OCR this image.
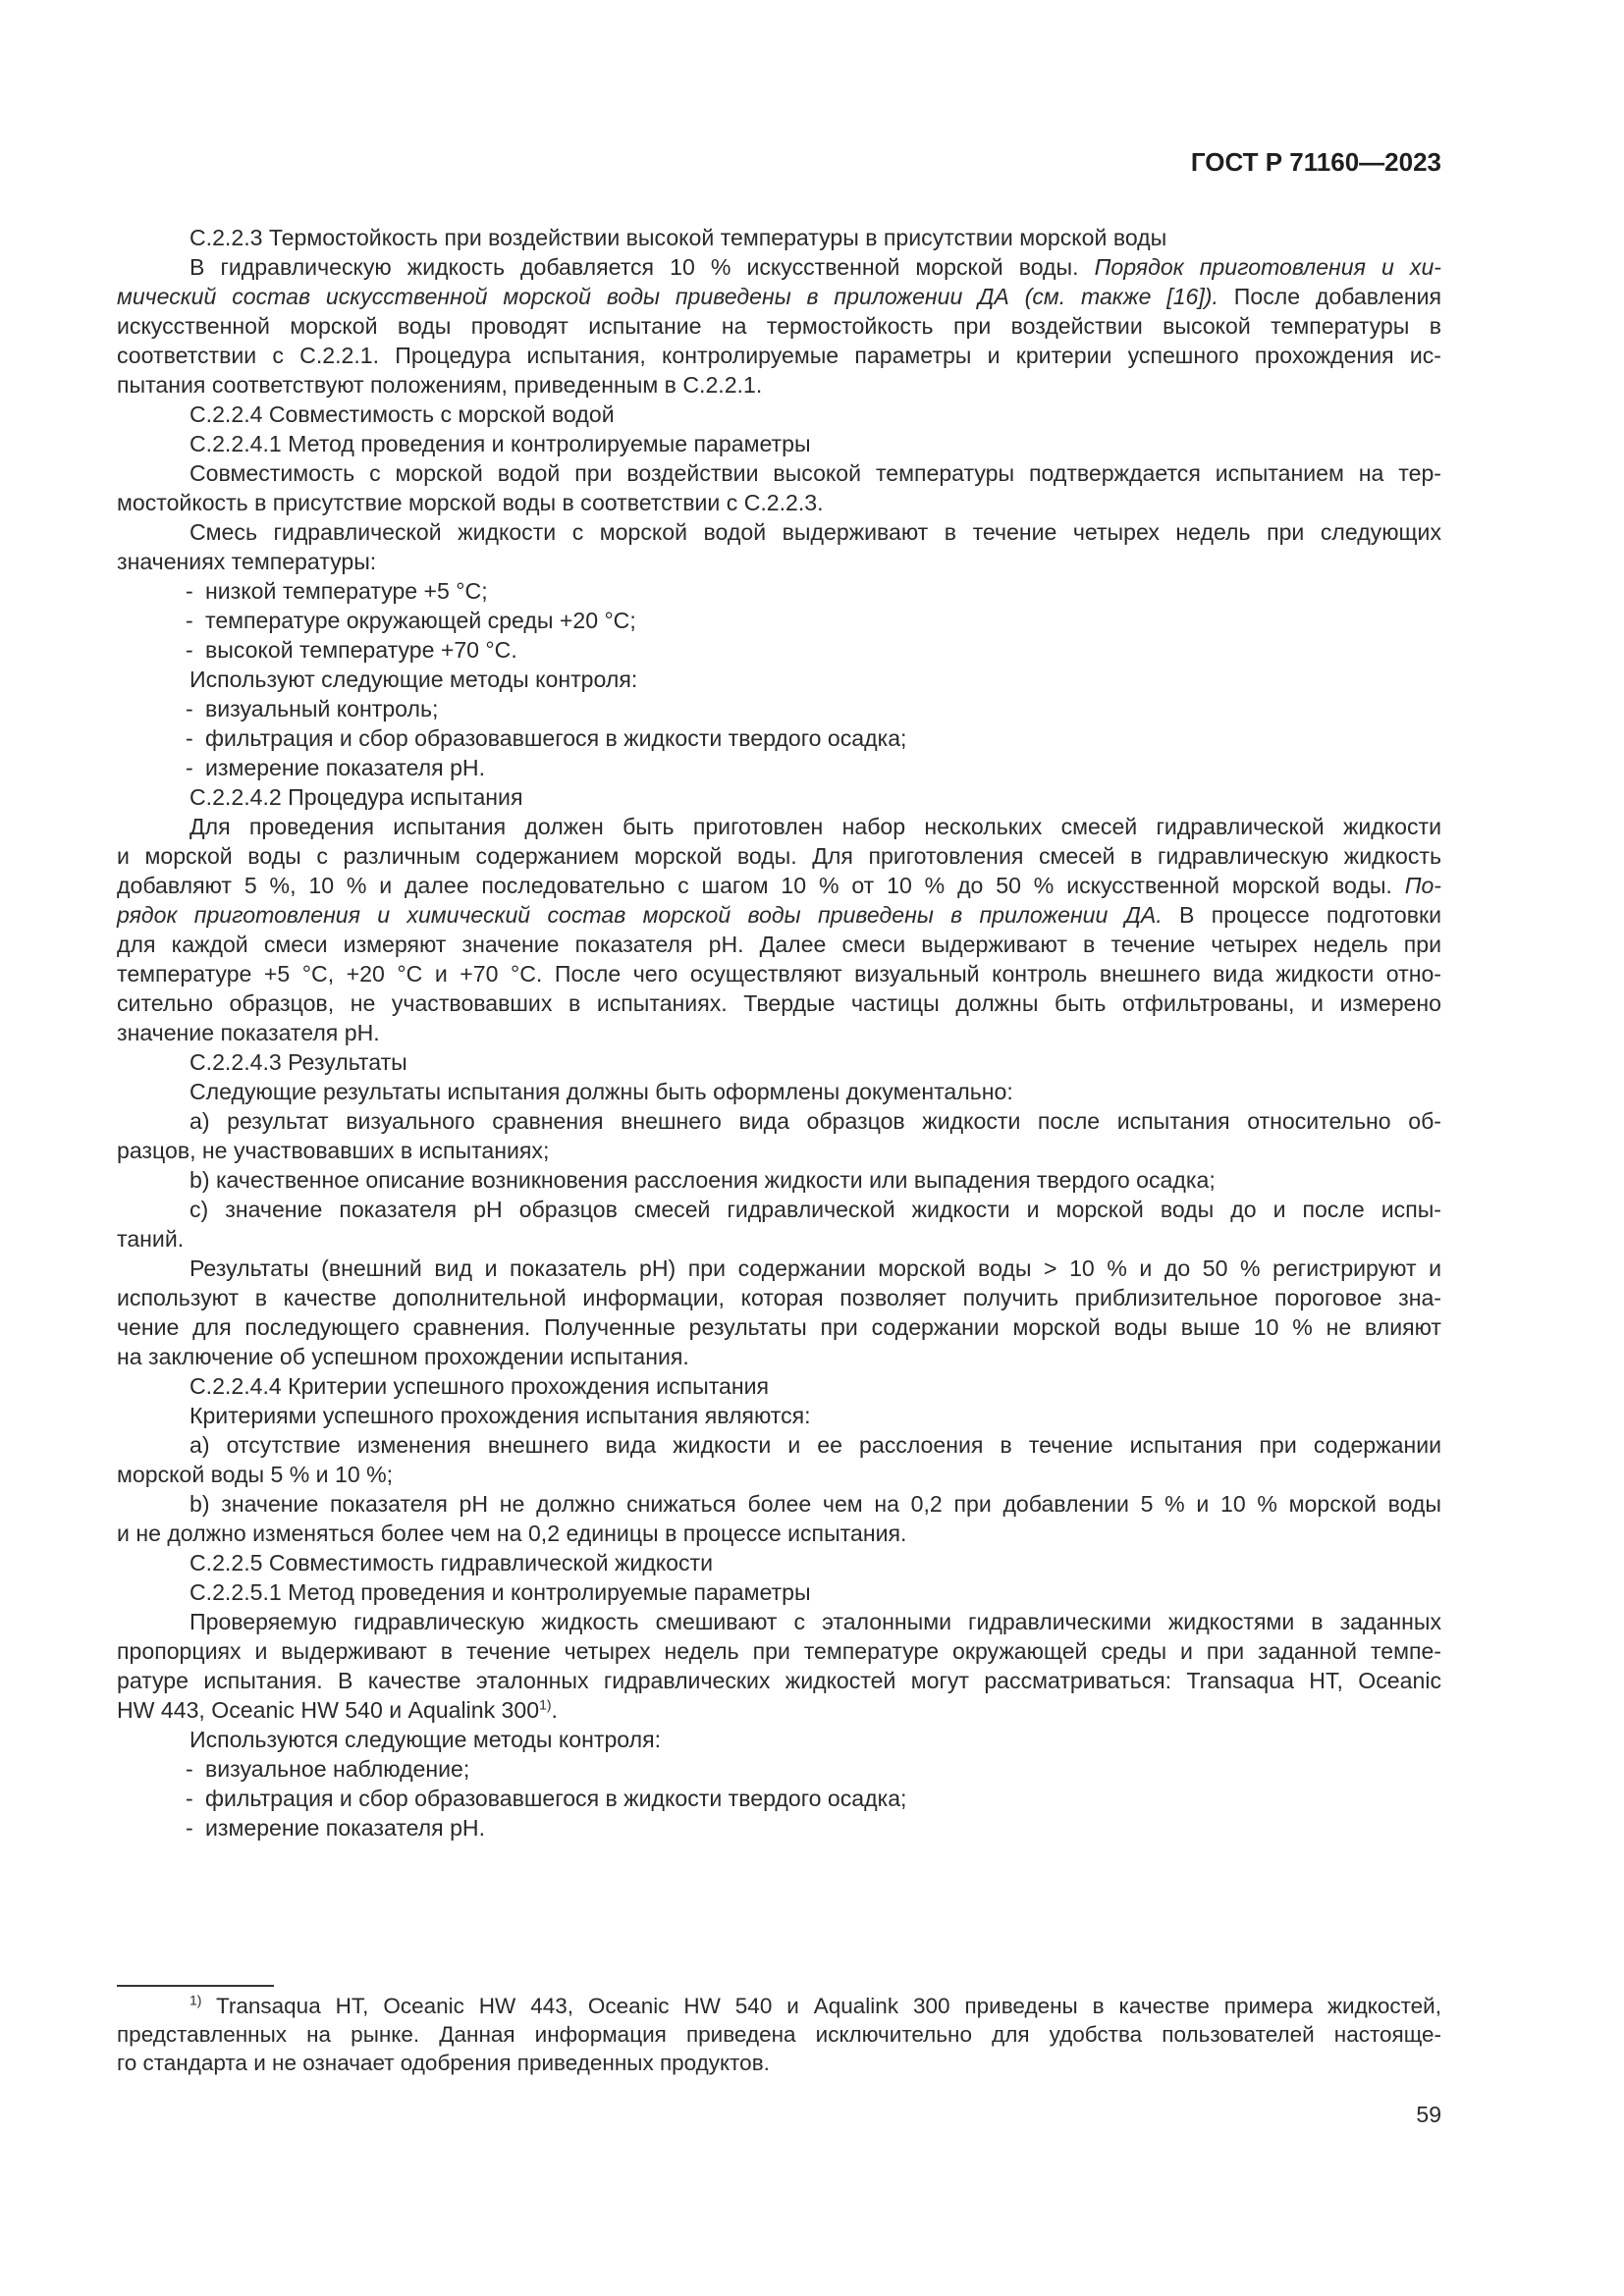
ГОСТ Р 71160—2023
С.2.2.3 Термостойкость при воздействии высокой температуры в присутствии морской воды
В гидравлическую жидкость добавляется 10 % искусственной морской воды. Порядок приготовления и хи-
мический состав искусственной морской воды приведены в приложении ДА (см. также [16]). После добавления
искусственной морской воды проводят испытание на термостойкость при воздействии высокой температуры в
соответствии с С.2.2.1. Процедура испытания, контролируемые параметры и критерии успешного прохождения ис-
пытания соответствуют положениям, приведенным в С.2.2.1.
С.2.2.4 Совместимость с морской водой
С.2.2.4.1 Метод проведения и контролируемые параметры
Совместимость с морской водой при воздействии высокой температуры подтверждается испытанием на тер-
мостойкость в присутствие морской воды в соответствии с С.2.2.3.
Смесь гидравлической жидкости с морской водой выдерживают в течение четырех недель при следующих
значениях температуры:
- низкой температуре +5 °C;
- температуре окружающей среды +20 °C;
- высокой температуре +70 °C.
Используют следующие методы контроля:
- визуальный контроль;
- фильтрация и сбор образовавшегося в жидкости твердого осадка;
- измерение показателя pH.
С.2.2.4.2 Процедура испытания
Для проведения испытания должен быть приготовлен набор нескольких смесей гидравлической жидкости
и морской воды с различным содержанием морской воды. Для приготовления смесей в гидравлическую жидкость
добавляют 5 %, 10 % и далее последовательно с шагом 10 % от 10 % до 50 % искусственной морской воды. По-
рядок приготовления и химический состав морской воды приведены в приложении ДА. В процессе подготовки
для каждой смеси измеряют значение показателя pH. Далее смеси выдерживают в течение четырех недель при
температуре +5 °C, +20 °C и +70 °C. После чего осуществляют визуальный контроль внешнего вида жидкости отно-
сительно образцов, не участвовавших в испытаниях. Твердые частицы должны быть отфильтрованы, и измерено
значение показателя pH.
С.2.2.4.3 Результаты
Следующие результаты испытания должны быть оформлены документально:
a) результат визуального сравнения внешнего вида образцов жидкости после испытания относительно об-
разцов, не участвовавших в испытаниях;
b) качественное описание возникновения расслоения жидкости или выпадения твердого осадка;
c) значение показателя pH образцов смесей гидравлической жидкости и морской воды до и после испы-
таний.
Результаты (внешний вид и показатель pH) при содержании морской воды > 10 % и до 50 % регистрируют и
используют в качестве дополнительной информации, которая позволяет получить приблизительное пороговое зна-
чение для последующего сравнения. Полученные результаты при содержании морской воды выше 10 % не влияют
на заключение об успешном прохождении испытания.
С.2.2.4.4 Критерии успешного прохождения испытания
Критериями успешного прохождения испытания являются:
a) отсутствие изменения внешнего вида жидкости и ее расслоения в течение испытания при содержании
морской воды 5 % и 10 %;
b) значение показателя pH не должно снижаться более чем на 0,2 при добавлении 5 % и 10 % морской воды
и не должно изменяться более чем на 0,2 единицы в процессе испытания.
С.2.2.5 Совместимость гидравлической жидкости
С.2.2.5.1 Метод проведения и контролируемые параметры
Проверяемую гидравлическую жидкость смешивают с эталонными гидравлическими жидкостями в заданных
пропорциях и выдерживают в течение четырех недель при температуре окружающей среды и при заданной темпе-
ратуре испытания. В качестве эталонных гидравлических жидкостей могут рассматриваться: Transaqua HT, Oceanic
HW 443, Oceanic HW 540 и Aqualink 300$^{1)}$.
Используются следующие методы контроля:
- визуальное наблюдение;
- фильтрация и сбор образовавшегося в жидкости твердого осадка;
- измерение показателя pH.
$^{1)}$ Transaqua HT, Oceanic HW 443, Oceanic HW 540 и Aqualink 300 приведены в качестве примера жидкостей,
представленных на рынке. Данная информация приведена исключительно для удобства пользователей настояще-
го стандарта и не означает одобрения приведенных продуктов.
59
